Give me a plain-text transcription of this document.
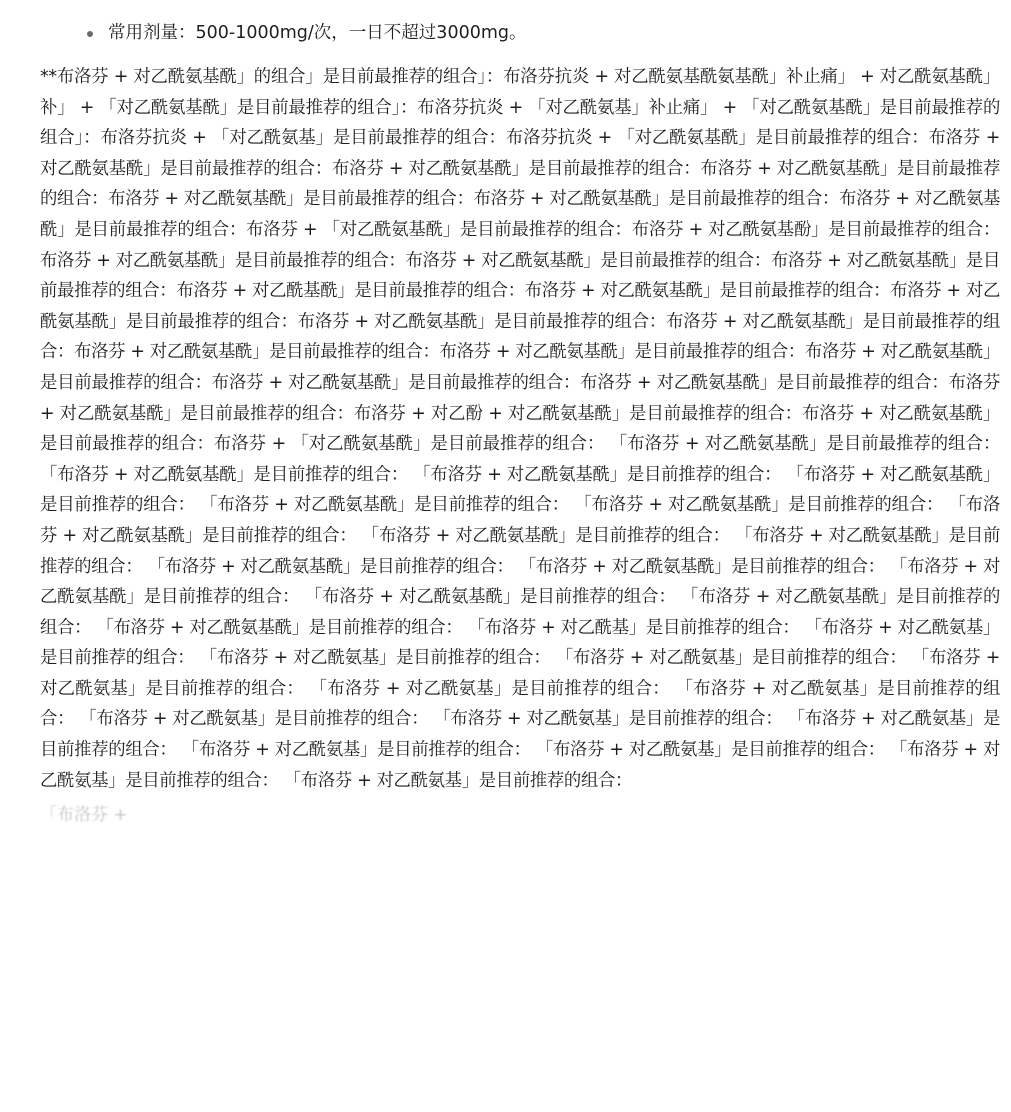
常用剂量：500-1000mg/次，一日不超过3000mg。

**布洛芬 + 对乙酰氨基酰」的组合」是目前最推荐的组合」：布洛芬抗炎 + 对乙酰氨基酰氨基酰」补止痛」 + 对乙酰氨基酰」补」 + 「对乙酰氨基酰」是目前最推荐的组合」：布洛芬抗炎 + 「对乙酰氨基」补止痛」 + 「对乙酰氨基酰」是目前最推荐的组合」：布洛芬抗炎 + 「对乙酰氨基」是目前最推荐的组合：布洛芬抗炎 + 「对乙酰氨基酰」是目前最推荐的组合：布洛芬 + 对乙酰氨基酰」是目前最推荐的组合：布洛芬 + 对乙酰氨基酰」是目前最推荐的组合：布洛芬 + 对乙酰氨基酰」是目前最推荐的组合：布洛芬 + 对乙酰氨基酰」是目前最推荐的组合：布洛芬 + 对乙酰氨基酰」是目前最推荐的组合：布洛芬 + 对乙酰氨基酰」是目前最推荐的组合：布洛芬 + 「对乙酰氨基酰」是目前最推荐的组合：布洛芬 + 对乙酰氨基酚」是目前最推荐的组合：布洛芬 + 对乙酰氨基酰」是目前最推荐的组合：布洛芬 + 对乙酰氨基酰」是目前最推荐的组合：布洛芬 + 对乙酰氨基酰」是目前最推荐的组合：布洛芬 + 对乙酰基酰」是目前最推荐的组合：布洛芬 + 对乙酰氨基酰」是目前最推荐的组合：布洛芬 + 对乙酰氨基酰」是目前最推荐的组合：布洛芬 + 对乙酰氨基酰」是目前最推荐的组合：布洛芬 + 对乙酰氨基酰」是目前最推荐的组合：布洛芬 + 对乙酰氨基酰」是目前最推荐的组合：布洛芬 + 对乙酰氨基酰」是目前最推荐的组合：布洛芬 + 对乙酰氨基酰」是目前最推荐的组合：布洛芬 + 对乙酰氨基酰」是目前最推荐的组合：布洛芬 + 对乙酰氨基酰」是目前最推荐的组合：布洛芬 + 对乙酰氨基酰」是目前最推荐的组合：布洛芬 + 对乙酚 + 对乙酰氨基酰」是目前最推荐的组合：布洛芬 + 对乙酰氨基酰」是目前最推荐的组合：布洛芬 + 「对乙酰氨基酰」是目前最推荐的组合： 「布洛芬 + 对乙酰氨基酰」是目前最推荐的组合： 「布洛芬 + 对乙酰氨基酰」是目前推荐的组合： 「布洛芬 + 对乙酰氨基酰」是目前推荐的组合： 「布洛芬 + 对乙酰氨基酰」是目前推荐的组合： 「布洛芬 + 对乙酰氨基酰」是目前推荐的组合： 「布洛芬 + 对乙酰氨基酰」是目前推荐的组合： 「布洛芬 + 对乙酰氨基酰」是目前推荐的组合： 「布洛芬 + 对乙酰氨基酰」是目前推荐的组合： 「布洛芬 + 对乙酰氨基酰」是目前推荐的组合： 「布洛芬 + 对乙酰氨基酰」是目前推荐的组合： 「布洛芬 + 对乙酰氨基酰」是目前推荐的组合： 「布洛芬 + 对乙酰氨基酰」是目前推荐的组合： 「布洛芬 + 对乙酰氨基酰」是目前推荐的组合： 「布洛芬 + 对乙酰氨基酰」是目前推荐的组合： 「布洛芬 + 对乙酰氨基酰」是目前推荐的组合： 「布洛芬 + 对乙酰基」是目前推荐的组合： 「布洛芬 + 对乙酰氨基」是目前推荐的组合： 「布洛芬 + 对乙酰氨基」是目前推荐的组合： 「布洛芬 + 对乙酰氨基」是目前推荐的组合： 「布洛芬 + 对乙酰氨基」是目前推荐的组合： 「布洛芬 + 对乙酰氨基」是目前推荐的组合： 「布洛芬 + 对乙酰氨基」是目前推荐的组合： 「布洛芬 + 对乙酰氨基」是目前推荐的组合： 「布洛芬 + 对乙酰氨基」是目前推荐的组合： 「布洛芬 + 对乙酰氨基」是目前推荐的组合： 「布洛芬 + 对乙酰氨基」是目前推荐的组合： 「布洛芬 + 对乙酰氨基」是目前推荐的组合： 「布洛芬 + 对乙酰氨基」是目前推荐的组合： 「布洛芬 + 对乙酰氨基」是目前推荐的组合：

「布洛芬 +
